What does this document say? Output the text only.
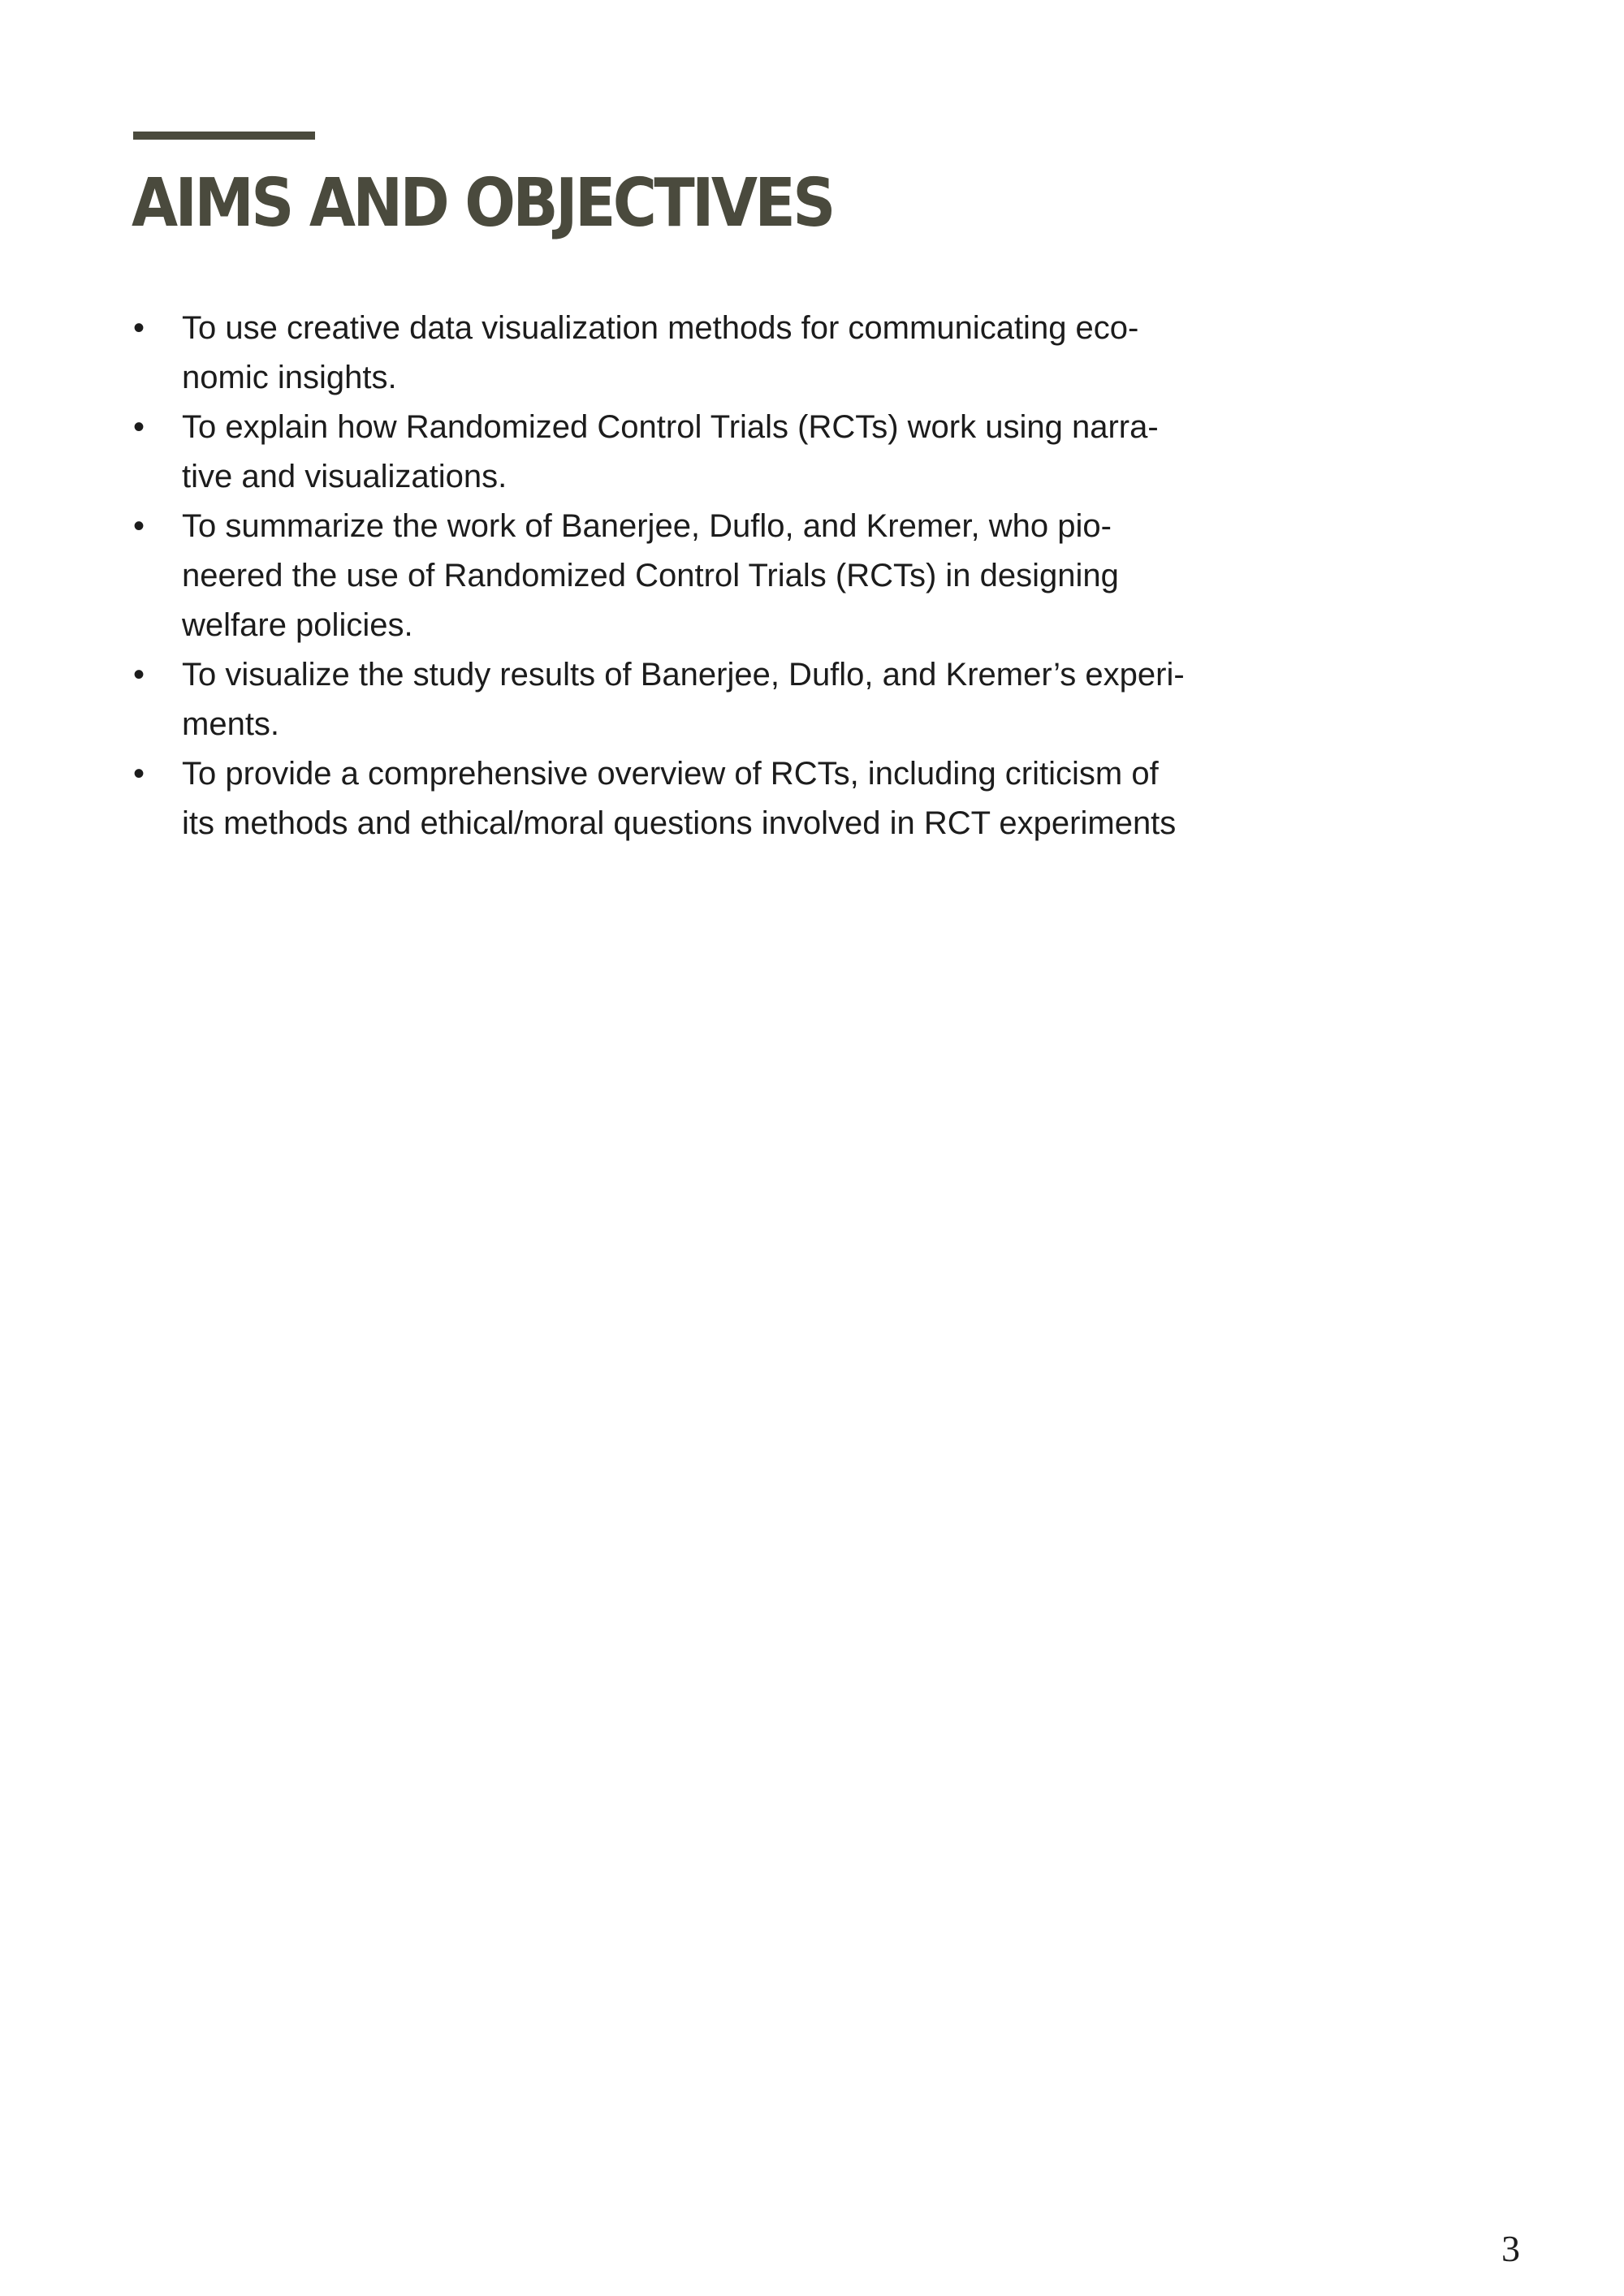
AIMS AND OBJECTIVES
•	To use creative data visualization methods for communicating eco-
nomic insights.
•	To explain how Randomized Control Trials (RCTs) work using narra-
tive and visualizations.
•	To summarize the work of Banerjee, Duflo, and Kremer, who pio-
neered the use of Randomized Control Trials (RCTs) in designing
welfare policies.
•	To visualize the study results of Banerjee, Duflo, and Kremer’s experi-
ments.
•	To provide a comprehensive overview of RCTs, including criticism of
its methods and ethical/moral questions involved in RCT experiments
3
